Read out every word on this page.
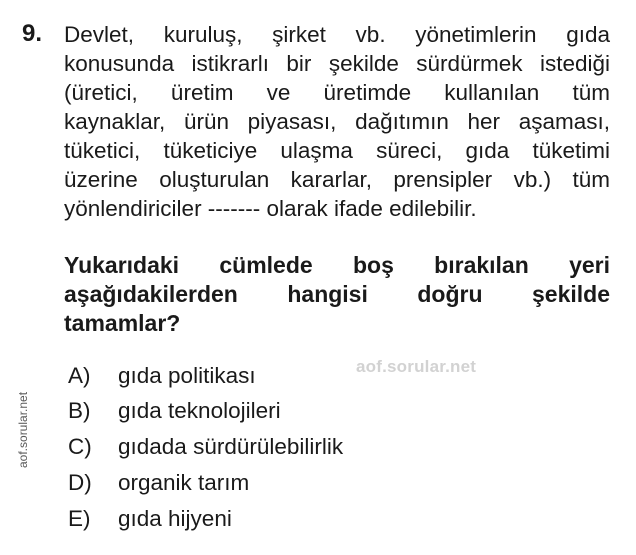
9. Devlet, kuruluş, şirket vb. yönetimlerin gıda
konusunda istikrarlı bir şekilde sürdürmek istediği
(üretici, üretim ve üretimde kullanılan tüm
kaynaklar, ürün piyasası, dağıtımın her aşaması,
tüketici, tüketiciye ulaşma süreci, gıda tüketimi
üzerine oluşturulan kararlar, prensipler vb.) tüm
yönlendiriciler ------- olarak ifade edilebilir.
Yukarıdaki cümlede boş bırakılan yeri
aşağıdakilerden hangisi doğru şekilde
tamamlar?
A) gıda politikası
B) gıda teknolojileri
C) gıdada sürdürülebilirlik
D) organik tarım
E) gıda hijyeni
aof.sorular.net
aof.sorular.net
